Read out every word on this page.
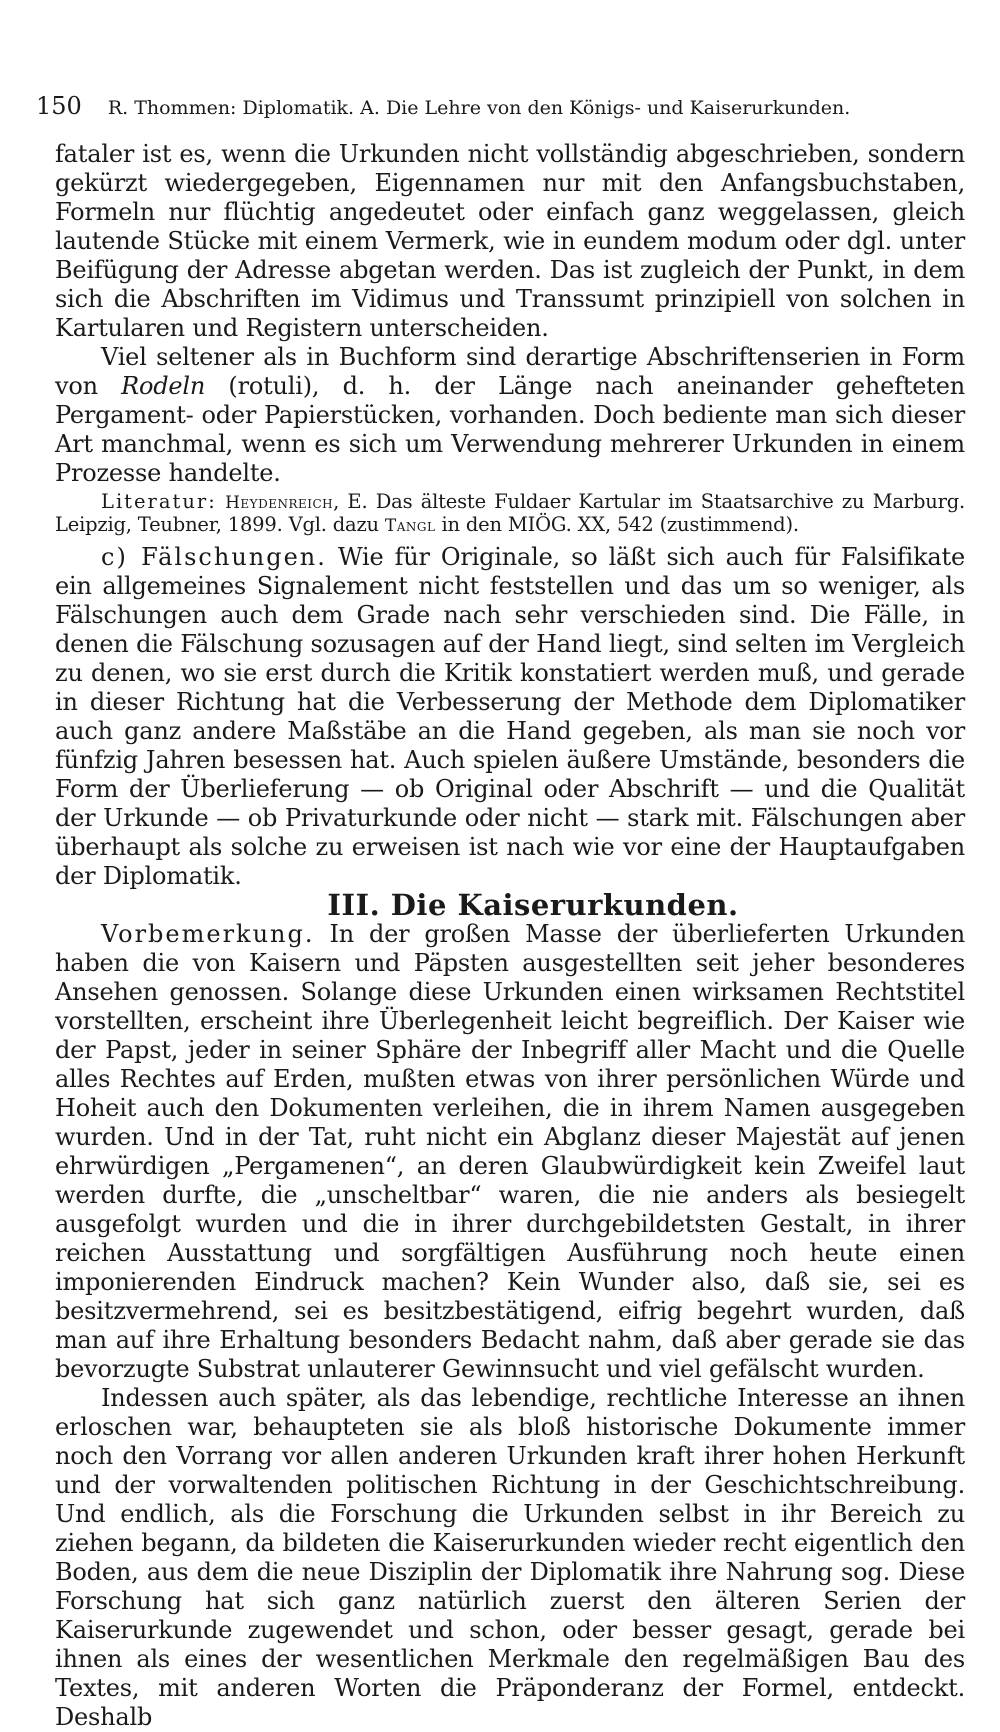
150 R. Thommen: Diplomatik. A. Die Lehre von den Königs- und Kaiserurkunden.

fataler ist es, wenn die Urkunden nicht vollständig abgeschrieben, sondern gekürzt wiedergegeben, Eigennamen nur mit den Anfangsbuchstaben, Formeln nur flüchtig angedeutet oder einfach ganz weggelassen, gleich lautende Stücke mit einem Vermerk, wie in eundem modum oder dgl. unter Beifügung der Adresse abgetan werden. Das ist zugleich der Punkt, in dem sich die Abschriften im Vidimus und Transsumt prinzipiell von solchen in Kartularen und Registern unterscheiden.

Viel seltener als in Buchform sind derartige Abschriftenserien in Form von Rodeln (rotuli), d. h. der Länge nach aneinander gehefteten Pergament- oder Papierstücken, vorhanden. Doch bediente man sich dieser Art manchmal, wenn es sich um Verwendung mehrerer Urkunden in einem Prozesse handelte.

Literatur: Heydenreich, E. Das älteste Fuldaer Kartular im Staatsarchive zu Marburg. Leipzig, Teubner, 1899. Vgl. dazu Tangl in den MIÖG. XX, 542 (zustimmend).

c) Fälschungen. Wie für Originale, so läßt sich auch für Falsifikate ein allgemeines Signalement nicht feststellen und das um so weniger, als Fälschungen auch dem Grade nach sehr verschieden sind. Die Fälle, in denen die Fälschung sozusagen auf der Hand liegt, sind selten im Vergleich zu denen, wo sie erst durch die Kritik konstatiert werden muß, und gerade in dieser Richtung hat die Verbesserung der Methode dem Diplomatiker auch ganz andere Maßstäbe an die Hand gegeben, als man sie noch vor fünfzig Jahren besessen hat. Auch spielen äußere Umstände, besonders die Form der Überlieferung — ob Original oder Abschrift — und die Qualität der Urkunde — ob Privaturkunde oder nicht — stark mit. Fälschungen aber überhaupt als solche zu erweisen ist nach wie vor eine der Hauptaufgaben der Diplomatik.

III. Die Kaiserurkunden.

Vorbemerkung. In der großen Masse der überlieferten Urkunden haben die von Kaisern und Päpsten ausgestellten seit jeher besonderes Ansehen genossen. Solange diese Urkunden einen wirksamen Rechtstitel vorstellten, erscheint ihre Überlegenheit leicht begreiflich. Der Kaiser wie der Papst, jeder in seiner Sphäre der Inbegriff aller Macht und die Quelle alles Rechtes auf Erden, mußten etwas von ihrer persönlichen Würde und Hoheit auch den Dokumenten verleihen, die in ihrem Namen ausgegeben wurden. Und in der Tat, ruht nicht ein Abglanz dieser Majestät auf jenen ehrwürdigen „Pergamenen“, an deren Glaubwürdigkeit kein Zweifel laut werden durfte, die „unscheltbar“ waren, die nie anders als besiegelt ausgefolgt wurden und die in ihrer durchgebildetsten Gestalt, in ihrer reichen Ausstattung und sorgfältigen Ausführung noch heute einen imponierenden Eindruck machen? Kein Wunder also, daß sie, sei es besitzvermehrend, sei es besitzbestätigend, eifrig begehrt wurden, daß man auf ihre Erhaltung besonders Bedacht nahm, daß aber gerade sie das bevorzugte Substrat unlauterer Gewinnsucht und viel gefälscht wurden.

Indessen auch später, als das lebendige, rechtliche Interesse an ihnen erloschen war, behaupteten sie als bloß historische Dokumente immer noch den Vorrang vor allen anderen Urkunden kraft ihrer hohen Herkunft und der vorwaltenden politischen Richtung in der Geschichtschreibung. Und endlich, als die Forschung die Urkunden selbst in ihr Bereich zu ziehen begann, da bildeten die Kaiserurkunden wieder recht eigentlich den Boden, aus dem die neue Disziplin der Diplomatik ihre Nahrung sog. Diese Forschung hat sich ganz natürlich zuerst den älteren Serien der Kaiserurkunde zugewendet und schon, oder besser gesagt, gerade bei ihnen als eines der wesentlichen Merkmale den regelmäßigen Bau des Textes, mit anderen Worten die Präponderanz der Formel, entdeckt. Deshalb
